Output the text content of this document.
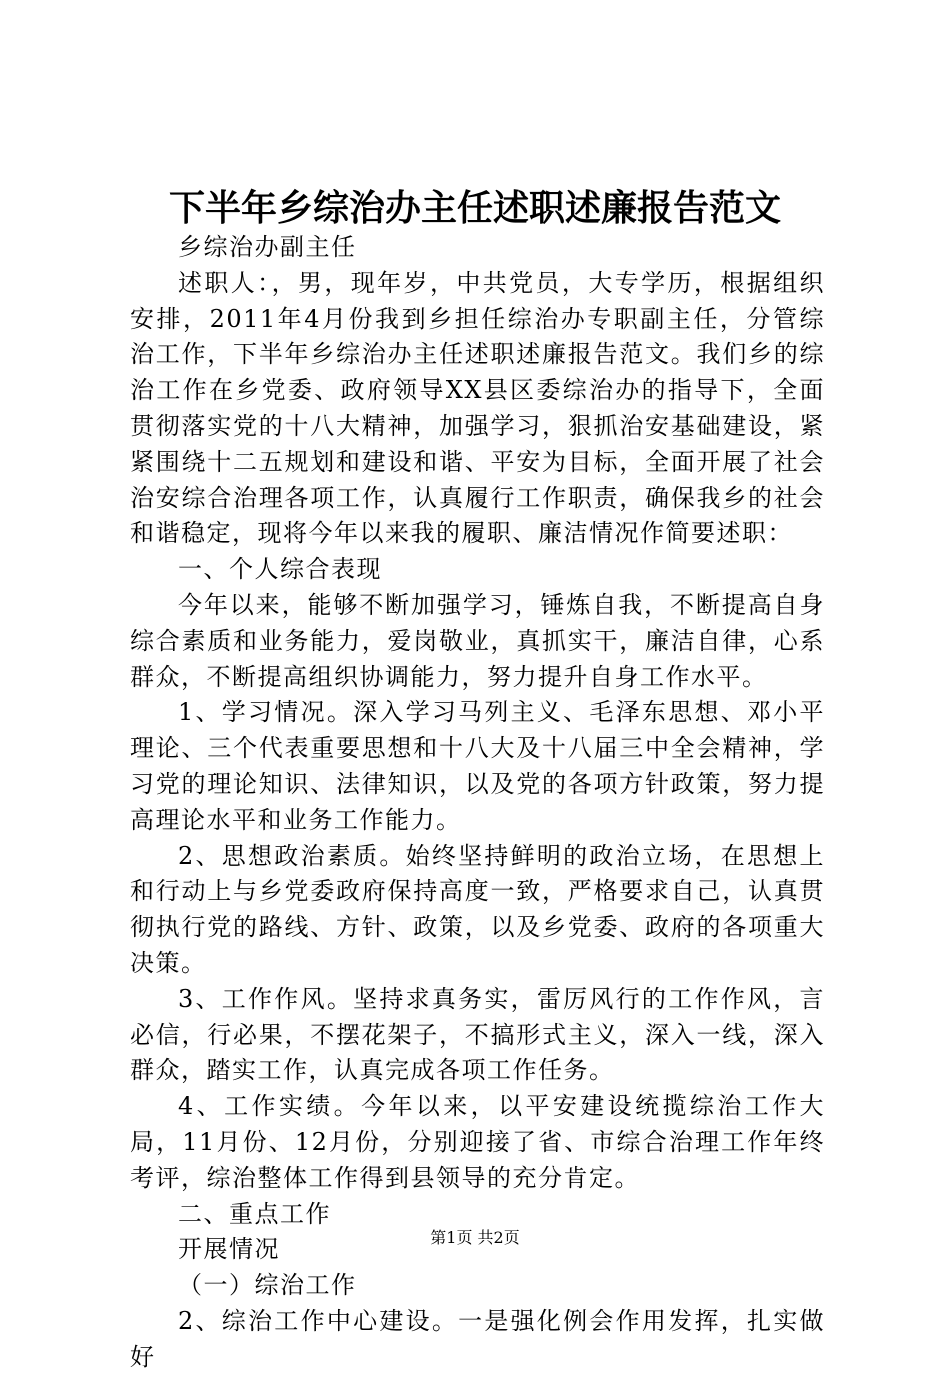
下半年乡综治办主任述职述廉报告范文

乡综治办副主任

述职人：，男，现年岁，中共党员，大专学历，根据组织安排，2011年4月份我到乡担任综治办专职副主任，分管综治工作，下半年乡综治办主任述职述廉报告范文。我们乡的综治工作在乡党委、政府领导XX县区委综治办的指导下，全面贯彻落实党的十八大精神，加强学习，狠抓治安基础建设，紧紧围绕十二五规划和建设和谐、平安为目标，全面开展了社会治安综合治理各项工作，认真履行工作职责，确保我乡的社会和谐稳定，现将今年以来我的履职、廉洁情况作简要述职：

一、个人综合表现

今年以来，能够不断加强学习，锤炼自我，不断提高自身综合素质和业务能力，爱岗敬业，真抓实干，廉洁自律，心系群众，不断提高组织协调能力，努力提升自身工作水平。

1、学习情况。深入学习马列主义、毛泽东思想、邓小平理论、三个代表重要思想和十八大及十八届三中全会精神，学习党的理论知识、法律知识，以及党的各项方针政策，努力提高理论水平和业务工作能力。

2、思想政治素质。始终坚持鲜明的政治立场，在思想上和行动上与乡党委政府保持高度一致，严格要求自己，认真贯彻执行党的路线、方针、政策，以及乡党委、政府的各项重大决策。

3、工作作风。坚持求真务实，雷厉风行的工作作风，言必信，行必果，不摆花架子，不搞形式主义，深入一线，深入群众，踏实工作，认真完成各项工作任务。

4、工作实绩。今年以来，以平安建设统揽综治工作大局，11月份、12月份，分别迎接了省、市综合治理工作年终考评，综治整体工作得到县领导的充分肯定。

二、重点工作

开展情况

（一）综治工作

2、综治工作中心建设。一是强化例会作用发挥，扎实做好

第1页 共2页
